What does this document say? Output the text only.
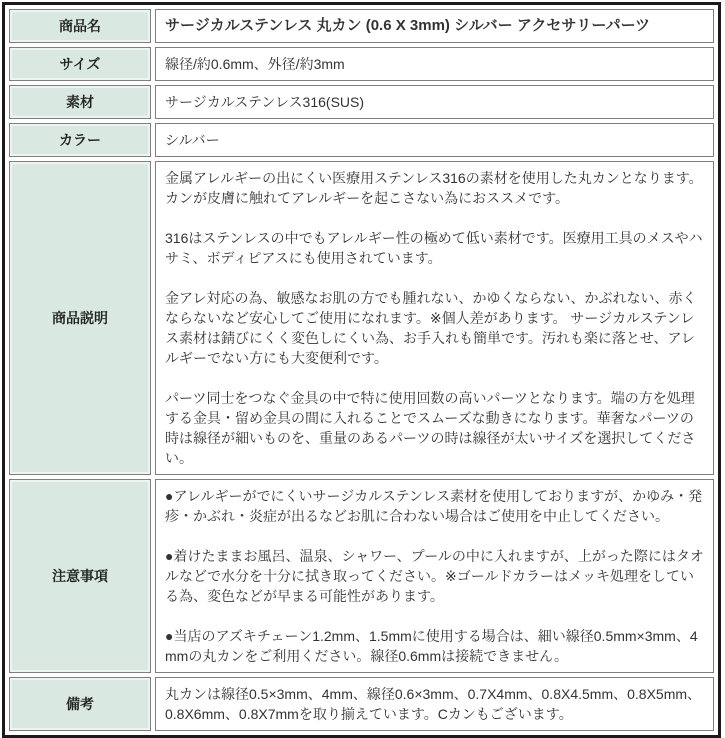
商品名	サージカルステンレス 丸カン (0.6 X 3mm) シルバー アクセサリーパーツ
サイズ	線径/約0.6mm、外径/約3mm
素材	サージカルステンレス316(SUS)
カラー	シルバー
商品説明	金属アレルギーの出にくい医療用ステンレス316の素材を使用した丸カンとなります。カンが皮膚に触れてアレルギーを起こさない為におススメです。

316はステンレスの中でもアレルギー性の極めて低い素材です。医療用工具のメスやハサミ、ボディピアスにも使用されています。

金アレ対応の為、敏感なお肌の方でも腫れない、かゆくならない、かぶれない、赤くならないなど安心してご使用になれます。※個人差があります。 サージカルステンレス素材は錆びにくく変色しにくい為、お手入れも簡単です。汚れも楽に落とせ、アレルギーでない方にも大変便利です。

パーツ同士をつなぐ金具の中で特に使用回数の高いパーツとなります。端の方を処理する金具・留め金具の間に入れることでスムーズな動きになります。華奢なパーツの時は線径が細いものを、重量のあるパーツの時は線径が太いサイズを選択してください。

注意事項	●アレルギーがでにくいサージカルステンレス素材を使用しておりますが、かゆみ・発疹・かぶれ・炎症が出るなどお肌に合わない場合はご使用を中止してください。

●着けたままお風呂、温泉、シャワー、プールの中に入れますが、上がった際にはタオルなどで水分を十分に拭き取ってください。※ゴールドカラーはメッキ処理をしている為、変色などが早まる可能性があります。

●当店のアズキチェーン1.2mm、1.5mmに使用する場合は、細い線径0.5mm×3mm、4mmの丸カンをご利用ください。線径0.6mmは接続できません。

備考	丸カンは線径0.5×3mm、4mm、線径0.6×3mm、0.7X4mm、0.8X4.5mm、0.8X5mm、0.8X6mm、0.8X7mmを取り揃えています。Cカンもございます。
